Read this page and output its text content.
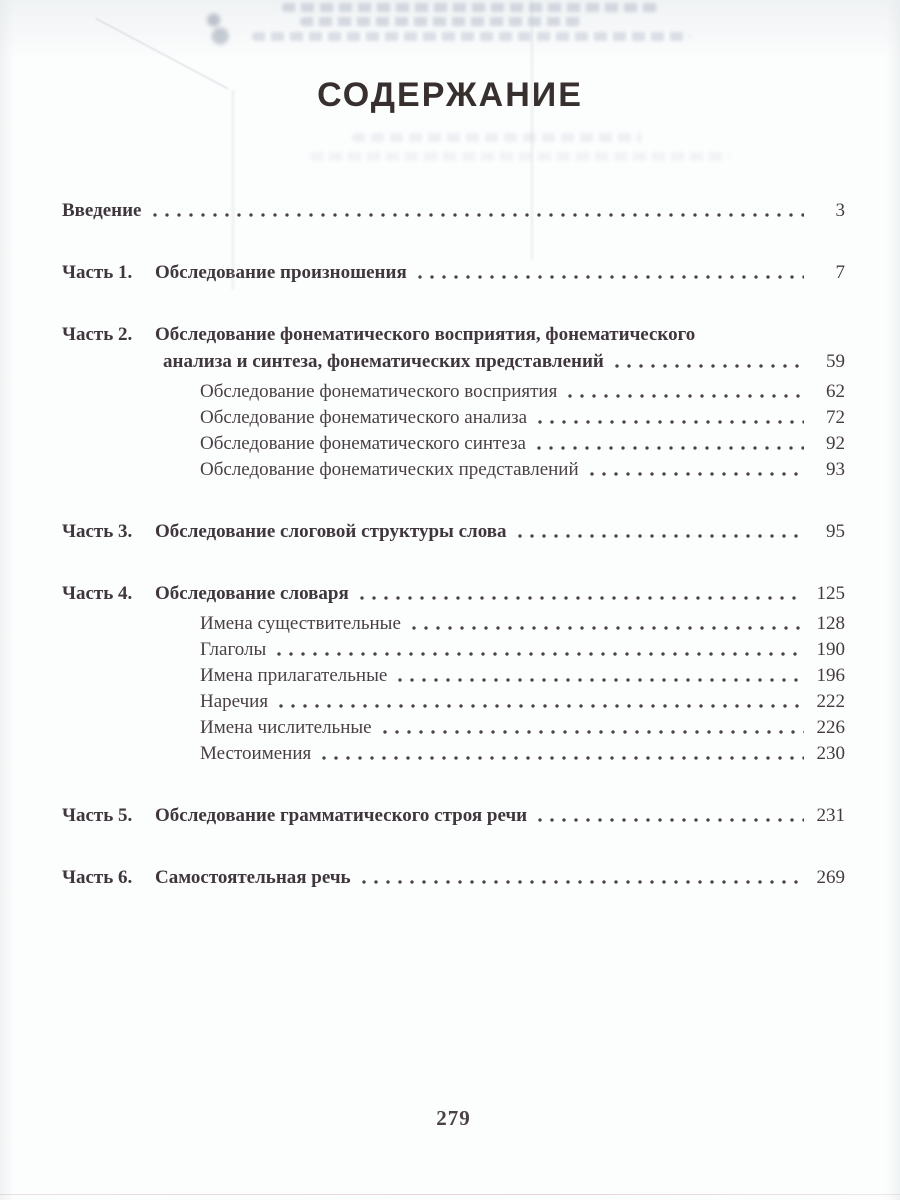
СОДЕРЖАНИЕ
Введение	3
Часть 1.	Обследование произношения	7
Часть 2.	Обследование фонематического восприятия, фонематического
анализа и синтеза, фонематических представлений	59
Обследование фонематического восприятия	62
Обследование фонематического анализа	72
Обследование фонематического синтеза	92
Обследование фонематических представлений	93
Часть 3.	Обследование слоговой структуры слова	95
Часть 4.	Обследование словаря	125
Имена существительные	128
Глаголы	190
Имена прилагательные	196
Наречия	222
Имена числительные	226
Местоимения	230
Часть 5.	Обследование грамматического строя речи	231
Часть 6.	Самостоятельная речь	269
279
